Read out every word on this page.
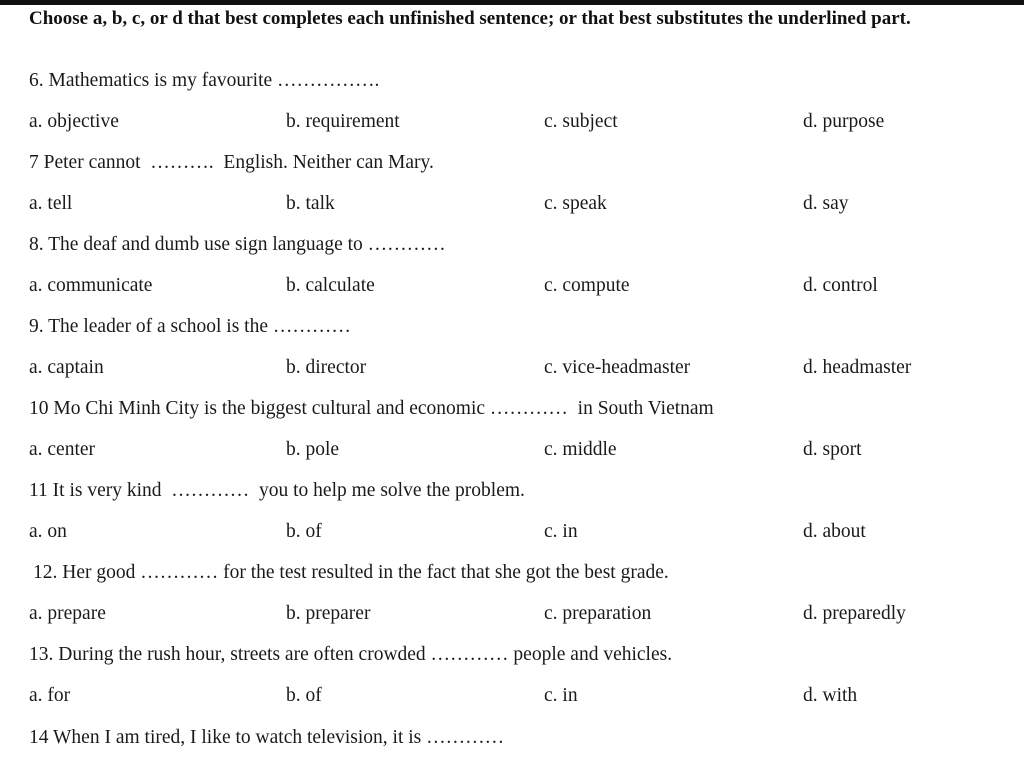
Choose a, b, c, or d that best completes each unfinished sentence; or that best substitutes the underlined part.
6. Mathematics is my favourite …………….
a. objective	b. requirement	c. subject	d. purpose
7 Peter cannot  ……….  English. Neither can Mary.
a. tell	b. talk	c. speak	d. say
8. The deaf and dumb use sign language to …………
a. communicate	b. calculate	c. compute	d. control
9. The leader of a school is the …………
a. captain	b. director	c. vice-headmaster	d. headmaster
10 Mo Chi Minh City is the biggest cultural and economic …………  in South Vietnam
a. center	b. pole	c. middle	d. sport
11 It is very kind  …………  you to help me solve the problem.
a. on	b. of	c. in	d. about
12. Her good ………… for the test resulted in the fact that she got the best grade.
a. prepare	b. preparer	c. preparation	d. preparedly
13. During the rush hour, streets are often crowded ………… people and vehicles.
a. for	b. of	c. in	d. with
14 When I am tired, I like to watch television, it is …………
